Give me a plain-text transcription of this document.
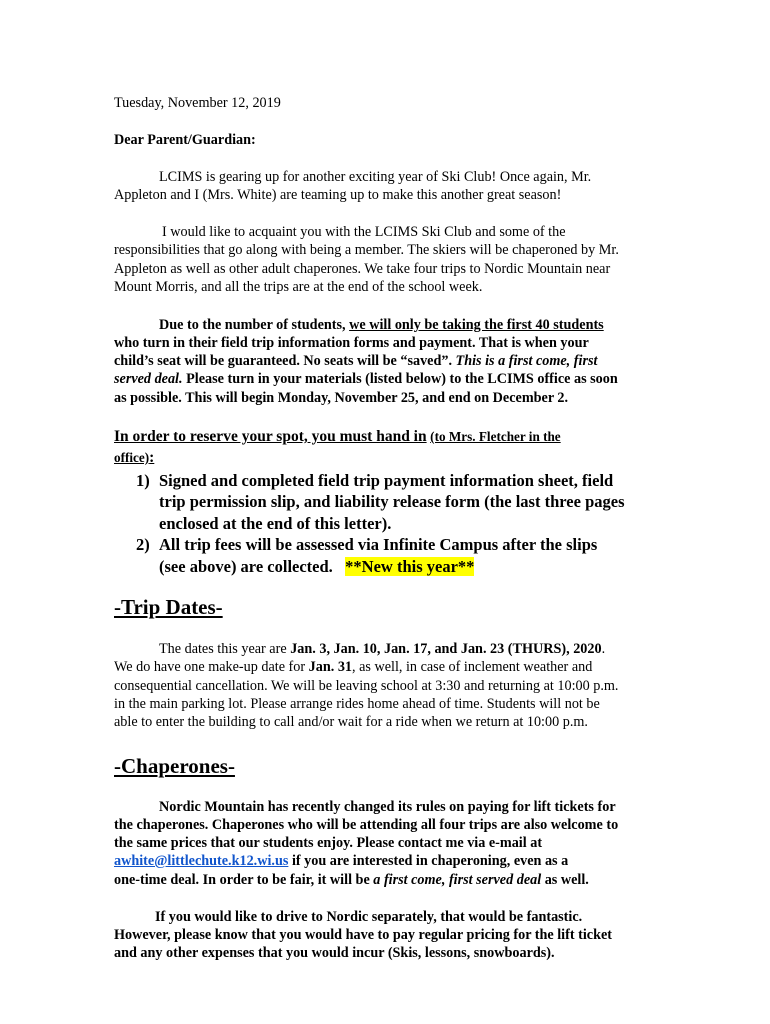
Tuesday, November 12, 2019
Dear Parent/Guardian:
LCIMS is gearing up for another exciting year of Ski Club! Once again, Mr.
Appleton and I (Mrs. White) are teaming up to make this another great season!
I would like to acquaint you with the LCIMS Ski Club and some of the
responsibilities that go along with being a member. The skiers will be chaperoned by Mr.
Appleton as well as other adult chaperones. We take four trips to Nordic Mountain near
Mount Morris, and all the trips are at the end of the school week.
Due to the number of students, we will only be taking the first 40 students
who turn in their field trip information forms and payment. That is when your
child’s seat will be guaranteed. No seats will be “saved”. This is a first come, first
served deal. Please turn in your materials (listed below) to the LCIMS office as soon
as possible. This will begin Monday, November 25, and end on December 2.
In order to reserve your spot, you must hand in (to Mrs. Fletcher in the
office):
1) Signed and completed field trip payment information sheet, field
trip permission slip, and liability release form (the last three pages
enclosed at the end of this letter).
2) All trip fees will be assessed via Infinite Campus after the slips
(see above) are collected.   **New this year**
-Trip Dates-
The dates this year are Jan. 3, Jan. 10, Jan. 17, and Jan. 23 (THURS), 2020.
We do have one make-up date for Jan. 31, as well, in case of inclement weather and
consequential cancellation. We will be leaving school at 3:30 and returning at 10:00 p.m.
in the main parking lot. Please arrange rides home ahead of time. Students will not be
able to enter the building to call and/or wait for a ride when we return at 10:00 p.m.
-Chaperones-
Nordic Mountain has recently changed its rules on paying for lift tickets for
the chaperones. Chaperones who will be attending all four trips are also welcome to
the same prices that our students enjoy. Please contact me via e-mail at
awhite@littlechute.k12.wi.us if you are interested in chaperoning, even as a
one-time deal. In order to be fair, it will be a first come, first served deal as well.
If you would like to drive to Nordic separately, that would be fantastic.
However, please know that you would have to pay regular pricing for the lift ticket
and any other expenses that you would incur (Skis, lessons, snowboards).
